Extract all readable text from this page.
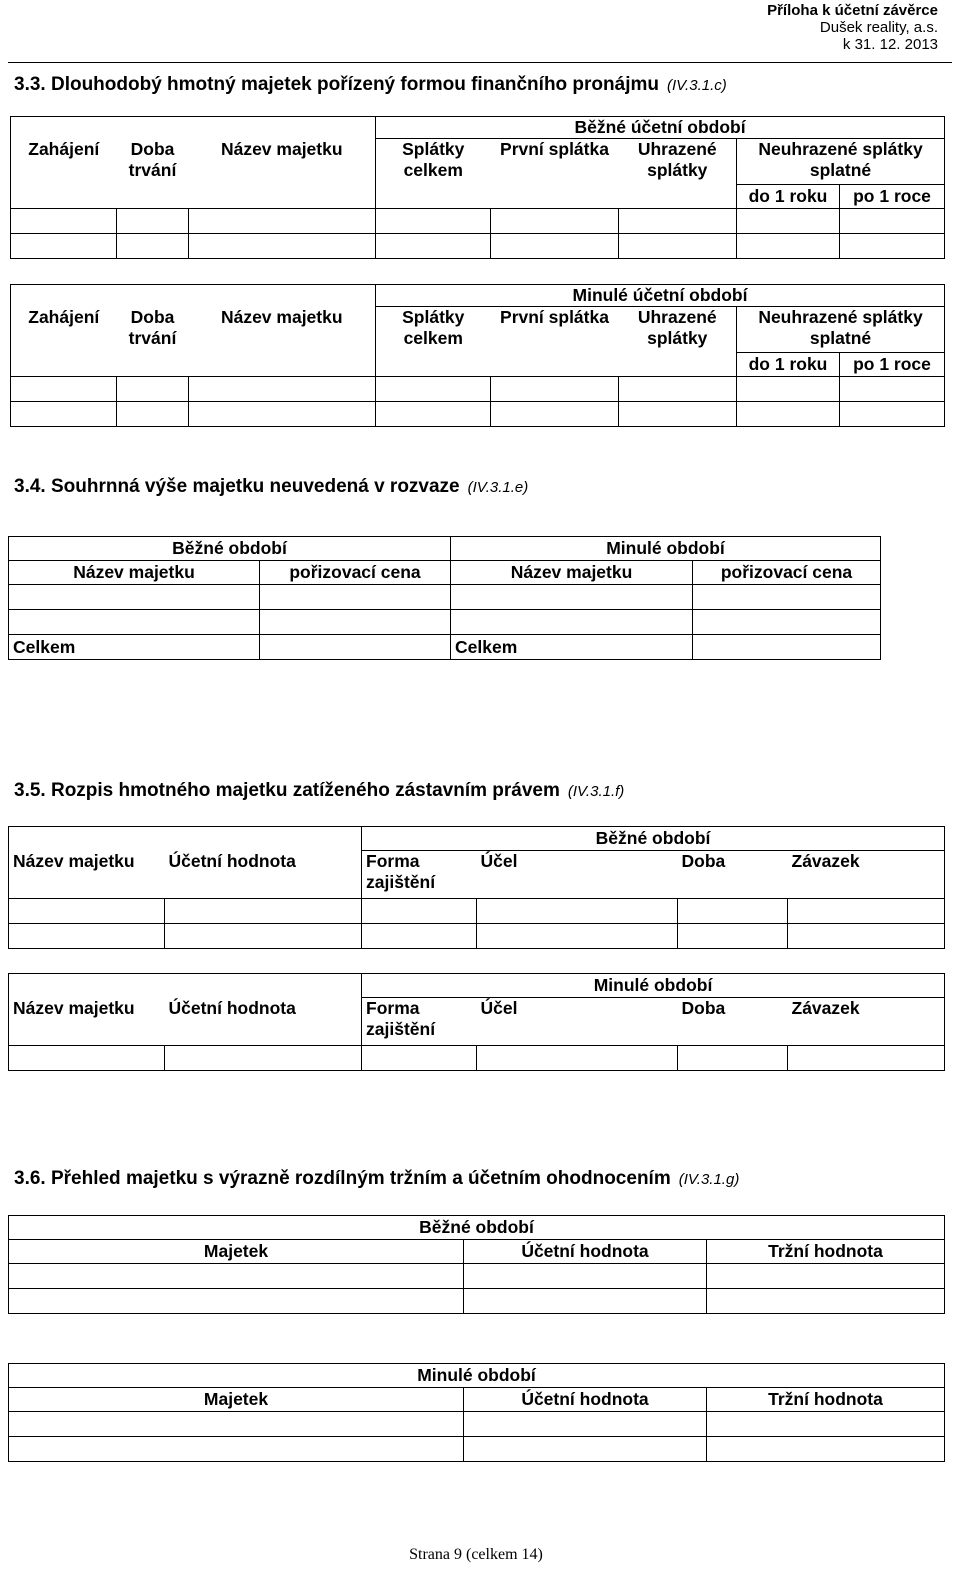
Příloha k účetní závěrce
Dušek reality, a.s.
k 31. 12. 2013
3.3. Dlouhodobý hmotný majetek pořízený formou finančního pronájmu (IV.3.1.c)
			Běžné účetní období				
Zahájení	Doba trvání	Název majetku	Splátky celkem	První splátka	Uhrazené splátky	Neuhrazené splátky splatné	
						do 1 roku	po 1 roce

			Minulé účetní období				
Zahájení	Doba trvání	Název majetku	Splátky celkem	První splátka	Uhrazené splátky	Neuhrazené splátky splatné	
						do 1 roku	po 1 roce

3.4. Souhrnná výše majetku neuvedená v rozvaze (IV.3.1.e)
Běžné období		Minulé období	
Název majetku	pořizovací cena	Název majetku	pořizovací cena

Celkem		Celkem	
3.5. Rozpis hmotného majetku zatíženého zástavním právem (IV.3.1.f)
		Běžné období			
Název majetku	Účetní hodnota	Forma zajištění	Účel	Doba	Závazek

		Minulé období			
Název majetku	Účetní hodnota	Forma zajištění	Účel	Doba	Závazek

3.6. Přehled majetku s výrazně rozdílným tržním a účetním ohodnocením (IV.3.1.g)
Běžné období		
Majetek	Účetní hodnota	Tržní hodnota

Minulé období		
Majetek	Účetní hodnota	Tržní hodnota

Strana 9 (celkem 14)
